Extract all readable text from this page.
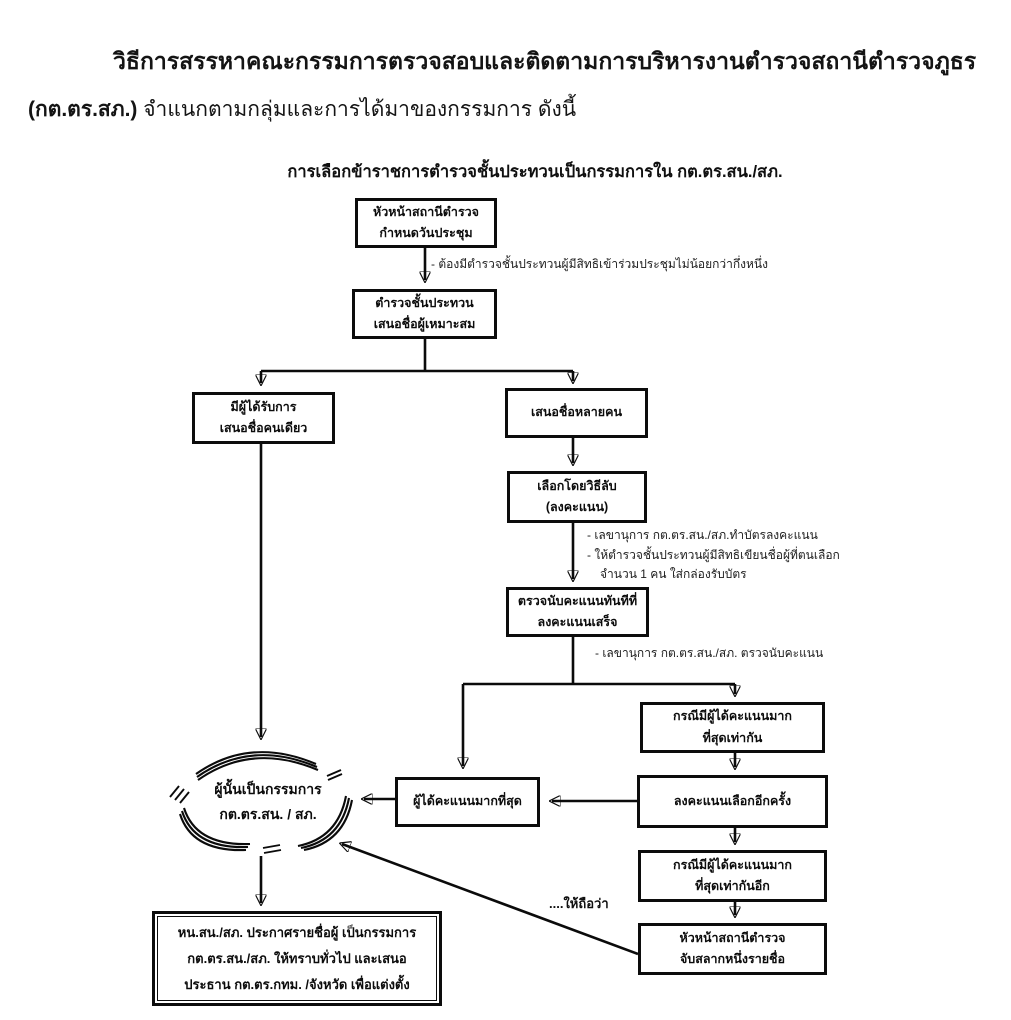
วิธีการสรรหาคณะกรรมการตรวจสอบและติดตามการบริหารงานตำรวจสถานีตำรวจภูธร
(กต.ตร.สภ.) จำแนกตามกลุ่มและการได้มาของกรรมการ ดังนี้
การเลือกข้าราชการตำรวจชั้นประทวนเป็นกรรมการใน กต.ตร.สน./สภ.
หัวหน้าสถานีตำรวจ
กำหนดวันประชุม
ตำรวจชั้นประทวน
เสนอชื่อผู้เหมาะสม
มีผู้ได้รับการ
เสนอชื่อคนเดียว
เสนอชื่อหลายคน
เลือกโดยวิธีลับ
(ลงคะแนน)
ตรวจนับคะแนนทันทีที่
ลงคะแนนเสร็จ
กรณีมีผู้ได้คะแนนมาก
ที่สุดเท่ากัน
ลงคะแนนเลือกอีกครั้ง
ผู้ได้คะแนนมากที่สุด
กรณีมีผู้ได้คะแนนมาก
ที่สุดเท่ากันอีก
หัวหน้าสถานีตำรวจ
จับสลากหนึ่งรายชื่อ
หน.สน./สภ. ประกาศรายชื่อผู้ เป็นกรรมการ
กต.ตร.สน./สภ. ให้ทราบทั่วไป และเสนอ
ประธาน กต.ตร.กทม. /จังหวัด เพื่อแต่งตั้ง
ผู้นั้นเป็นกรรมการ
กต.ตร.สน. / สภ.
- ต้องมีตำรวจชั้นประทวนผู้มีสิทธิเข้าร่วมประชุมไม่น้อยกว่ากึ่งหนึ่ง
- เลขานุการ กต.ตร.สน./สภ.ทำบัตรลงคะแนน
- ให้ตำรวจชั้นประทวนผู้มีสิทธิเขียนชื่อผู้ที่ตนเลือก
จำนวน 1 คน ใส่กล่องรับบัตร
- เลขานุการ กต.ตร.สน./สภ. ตรวจนับคะแนน
....ให้ถือว่า
